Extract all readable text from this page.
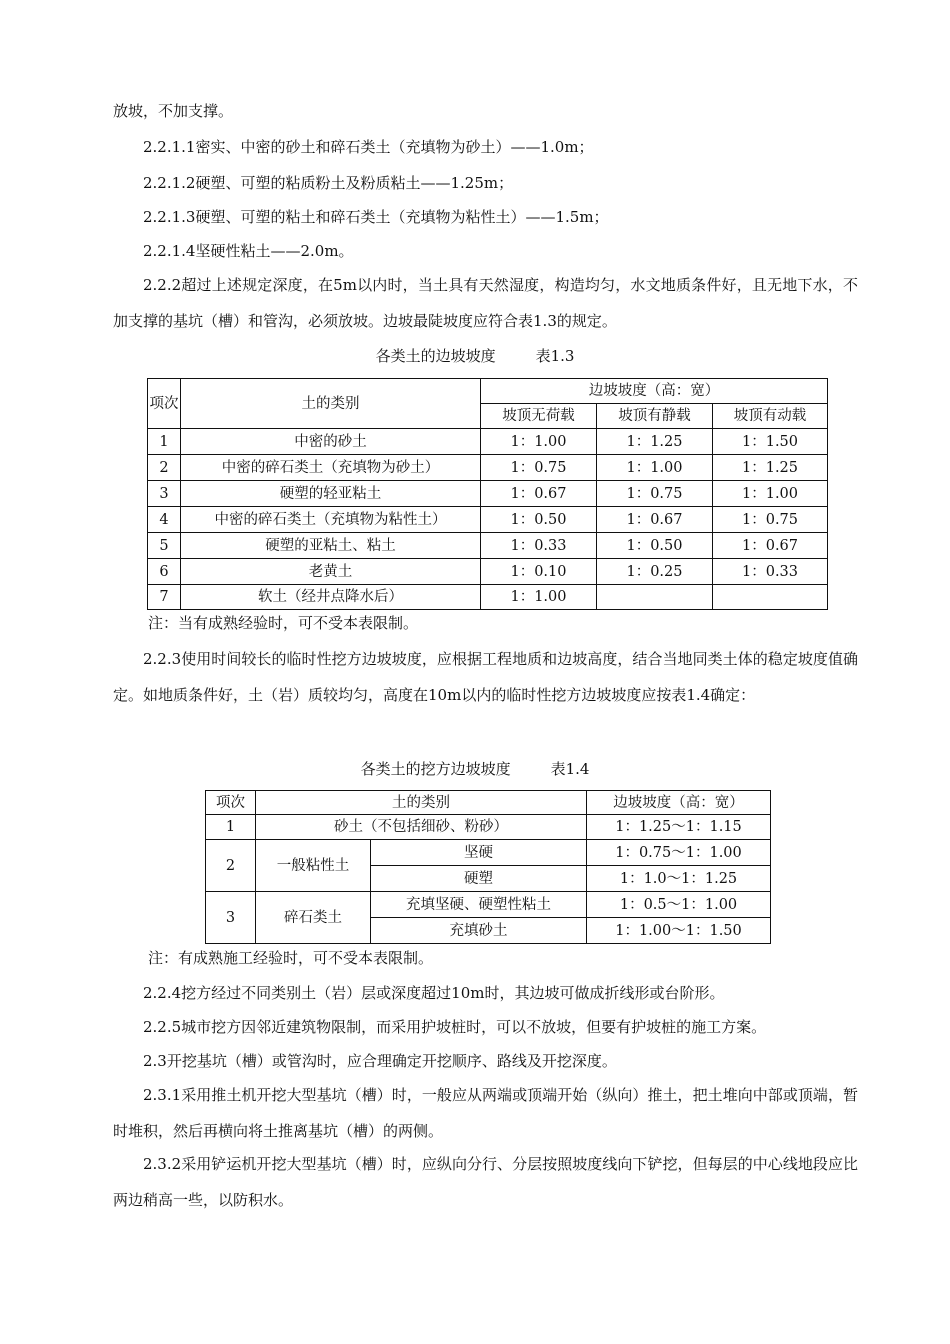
放坡，不加支撑。

2.2.1.1密实、中密的砂土和碎石类土（充填物为砂土）——1.0m；

2.2.1.2硬塑、可塑的粘质粉土及粉质粘土——1.25m；

2.2.1.3硬塑、可塑的粘土和碎石类土（充填物为粘性土）——1.5m；

2.2.1.4坚硬性粘土——2.0m。

2.2.2超过上述规定深度，在5m以内时，当土具有天然湿度，构造均匀，水文地质条件好，且无地下水，不加支撑的基坑（槽）和管沟，必须放坡。边坡最陡坡度应符合表1.3的规定。

各类土的边坡坡度	表1.3
项次	土的类别	边坡坡度（高：宽）		
		坡顶无荷载	坡顶有静载	坡顶有动载
1	中密的砂土	1：1.00	1：1.25	1：1.50
2	中密的碎石类土（充填物为砂土）	1：0.75	1：1.00	1：1.25
3	硬塑的轻亚粘土	1：0.67	1：0.75	1：1.00
4	中密的碎石类土（充填物为粘性土）	1：0.50	1：0.67	1：0.75
5	硬塑的亚粘土、粘土	1：0.33	1：0.50	1：0.67
6	老黄土	1：0.10	1：0.25	1：0.33
7	软土（经井点降水后）	1：1.00		
注：当有成熟经验时，可不受本表限制。

2.2.3使用时间较长的临时性挖方边坡坡度，应根据工程地质和边坡高度，结合当地同类土体的稳定坡度值确定。如地质条件好，土（岩）质较均匀，高度在10m以内的临时性挖方边坡坡度应按表1.4确定：

各类土的挖方边坡坡度	表1.4
项次	土的类别		边坡坡度（高：宽）
1	砂土（不包括细砂、粉砂）		1：1.25～1：1.15
2	一般粘性土	坚硬	1：0.75～1：1.00
		硬塑	1：1.0～1：1.25
3	碎石类土	充填坚硬、硬塑性粘土	1：0.5～1：1.00
		充填砂土	1：1.00～1：1.50
注：有成熟施工经验时，可不受本表限制。

2.2.4挖方经过不同类别土（岩）层或深度超过10m时，其边坡可做成折线形或台阶形。

2.2.5城市挖方因邻近建筑物限制，而采用护坡桩时，可以不放坡，但要有护坡桩的施工方案。

2.3开挖基坑（槽）或管沟时，应合理确定开挖顺序、路线及开挖深度。

2.3.1采用推土机开挖大型基坑（槽）时，一般应从两端或顶端开始（纵向）推土，把土堆向中部或顶端，暂时堆积，然后再横向将土推离基坑（槽）的两侧。

2.3.2采用铲运机开挖大型基坑（槽）时，应纵向分行、分层按照坡度线向下铲挖，但每层的中心线地段应比两边稍高一些，以防积水。
